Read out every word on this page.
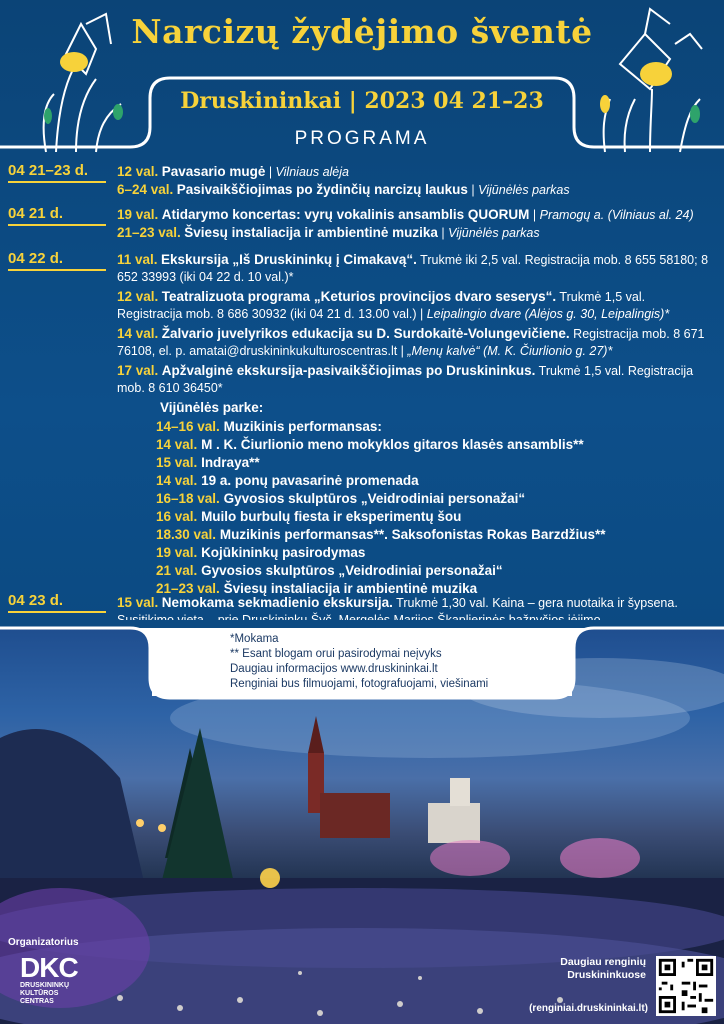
Narcizų žydėjimo šventė
Druskininkai | 2023 04 21–23
PROGRAMA
04 21–23 d.	12 val. Pavasario mugė | Vilniaus alėja
6–24 val. Pasivaikščiojimas po žydinčių narcizų laukus | Vijūnėlės parkas
04 21 d.	19 val. Atidarymo koncertas: vyrų vokalinis ansamblis QUORUM | Pramogų a. (Vilniaus al. 24)
21–23 val. Šviesų instaliacija ir ambientinė muzika | Vijūnėlės parkas
04 22 d.	11 val. Ekskursija „Iš Druskininkų į Cimakavą“. Trukmė iki 2,5 val. Registracija mob. 8 655 58180; 8 652 33993 (iki 04 22 d. 10 val.)*
12 val. Teatralizuota programa „Keturios provincijos dvaro seserys“. Trukmė 1,5 val. Registracija mob. 8 686 30932 (iki 04 21 d. 13.00 val.) | Leipalingio dvare (Alėjos g. 30, Leipalingis)*
14 val. Žalvario juvelyrikos edukacija su D. Surdokaitė-Volungevičiene. Registracija mob. 8 671 76108, el. p. amatai@druskininkukulturoscentras.lt | „Menų kalvė“ (M. K. Čiurlionio g. 27)*
17 val. Apžvalginė ekskursija-pasivaikščiojimas po Druskininkus. Trukmė 1,5 val. Registracija mob. 8 610 36450*
Vijūnėlės parke:
14–16 val. Muzikinis performansas:
14 val. M . K. Čiurlionio meno mokyklos gitaros klasės ansamblis**
15 val. Indraya**
14 val. 19 a. ponų pavasarinė promenada
16–18 val. Gyvosios skulptūros „Veidrodiniai personažai“
16 val. Muilo burbulų fiesta ir eksperimentų šou
18.30 val. Muzikinis performansas**. Saksofonistas Rokas Barzdžius**
19 val. Kojūkininkų pasirodymas
21 val. Gyvosios skulptūros „Veidrodiniai personažai“
21–23 val. Šviesų instaliacija ir ambientinė muzika
04 23 d.	15 val. Nemokama sekmadienio ekskursija. Trukmė 1,30 val. Kaina – gera nuotaika ir šypsena.
*Mokama
** Esant blogam orui pasirodymai neįvyks
Daugiau informacijos www.druskininkai.lt
Renginiai bus filmuojami, fotografuojami, viešinami
Organizatorius
DKC
DRUSKININKŲ
KULTŪROS
CENTRAS
Daugiau renginių
Druskininkuose
(renginiai.druskininkai.lt)
